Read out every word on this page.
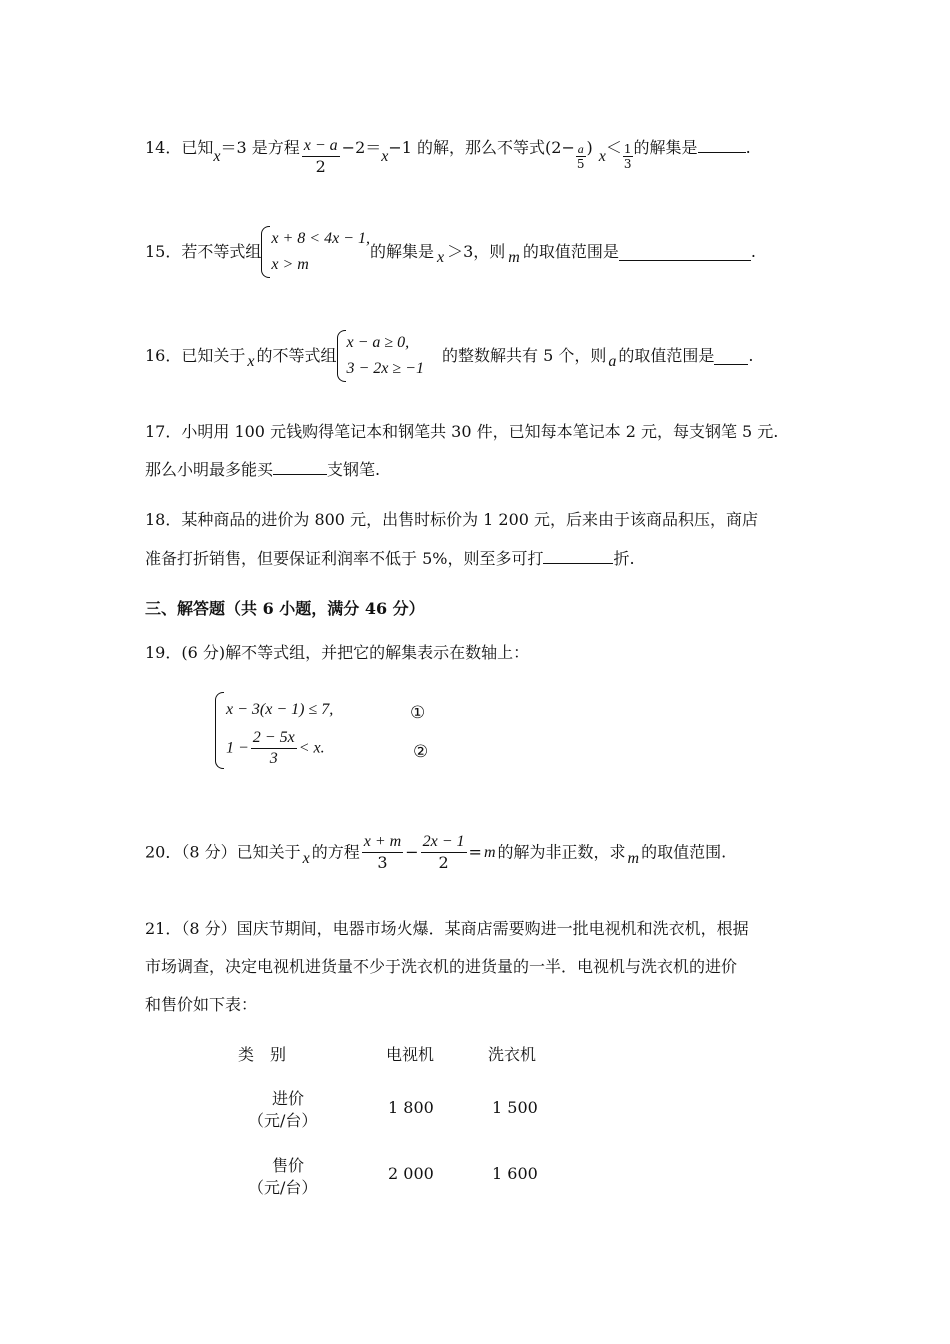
14．已知x＝3 是方程 $\frac{x - a}{2} -2=x-1$ 的解，那么不等式($2- \frac{a}{5}$ ) $x< \frac{1}{3}$ 的解集是	.
15．若不等式组
x + 8 < 4x − 1,
x > m
的解集是 x ＞3，则 m 的取值范围是	.
16．已知关于 x 的不等式组
x − a ≥ 0,
3 − 2x ≥ −1
的整数解共有 5 个，则 a 的取值范围是 .
17．小明用 100 元钱购得笔记本和钢笔共 30 件，已知每本笔记本 2 元，每支钢笔 5 元.
那么小明最多能买	支钢笔.
18．某种商品的进价为 800 元，出售时标价为 1 200 元，后来由于该商品积压，商店
准备打折销售，但要保证利润率不低于 5%，则至多可打	折.
三、解答题（共 6 小题，满分 46 分）
19．(6 分)解不等式组，并把它的解集表示在数轴上：
x − 3(x − 1) ≤ 7,
$1 - \frac{2 - 5x}{3} < x$.
①
②
20．（8 分）已知关于 x 的方程 $\frac{x + m}{3} - \frac{2x - 1}{2} = m$ 的解为非正数，求 m 的取值范围.
21．（8 分）国庆节期间，电器市场火爆．某商店需要购进一批电视机和洗衣机，根据
市场调查，决定电视机进货量不少于洗衣机的进货量的一半．电视机与洗衣机的进价
和售价如下表：
类　别	电视机	洗衣机
进价
（元/台）
1 800	1 500
售价
（元/台）
2 000	1 600
